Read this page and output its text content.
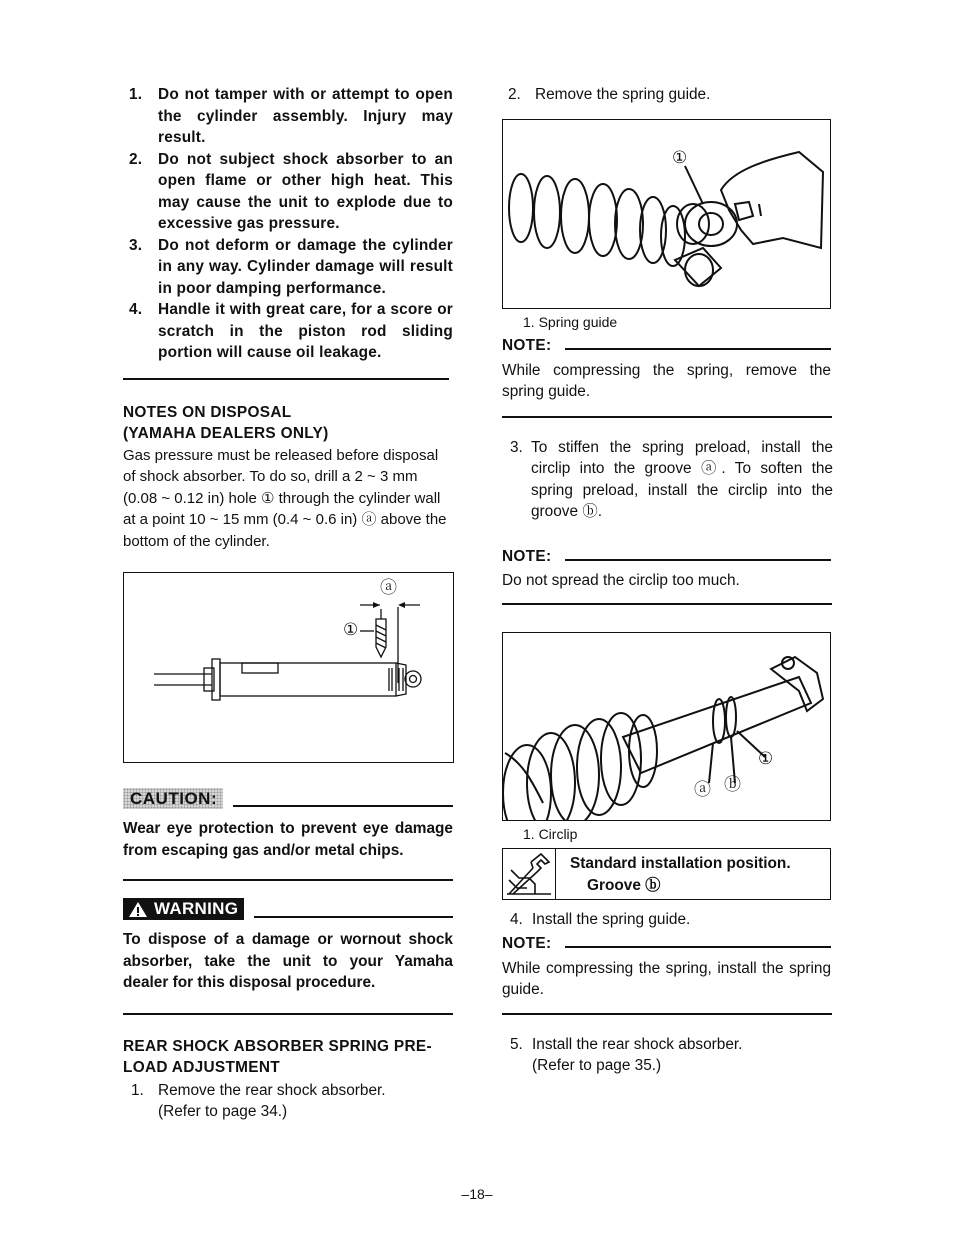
1. Do not tamper with or attempt to open the cylinder assembly. Injury may result.
2. Do not subject shock absorber to an open flame or other high heat. This may cause the unit to explode due to excessive gas pressure.
3. Do not deform or damage the cylinder in any way. Cylinder damage will result in poor damping performance.
4. Handle it with great care, for a score or scratch in the piston rod sliding portion will cause oil leakage.
NOTES ON DISPOSAL
(YAMAHA DEALERS ONLY)
Gas pressure must be released before disposal of shock absorber. To do so, drill a 2 ~ 3 mm (0.08 ~ 0.12 in) hole ① through the cylinder wall at a point 10 ~ 15 mm (0.4 ~ 0.6 in) ⓐ above the bottom of the cylinder.
ⓐ
①
CAUTION:
Wear eye protection to prevent eye damage from escaping gas and/or metal chips.
WARNING
To dispose of a damage or wornout shock absorber, take the unit to your Yamaha dealer for this disposal procedure.
REAR SHOCK ABSORBER SPRING PRE-
LOAD ADJUSTMENT
1. Remove the rear shock absorber.
(Refer to page 34.)
2. Remove the spring guide.
①
1. Spring guide
NOTE:
While compressing the spring, remove the spring guide.
3. To stiffen the spring preload, install the circlip into the groove ⓐ. To soften the spring preload, install the circlip into the groove ⓑ.
NOTE:
Do not spread the circlip too much.
①
ⓐ ⓑ
1. Circlip
Standard installation position.
Groove ⓑ
4. Install the spring guide.
NOTE:
While compressing the spring, install the spring guide.
5. Install the rear shock absorber.
(Refer to page 35.)
–18–
